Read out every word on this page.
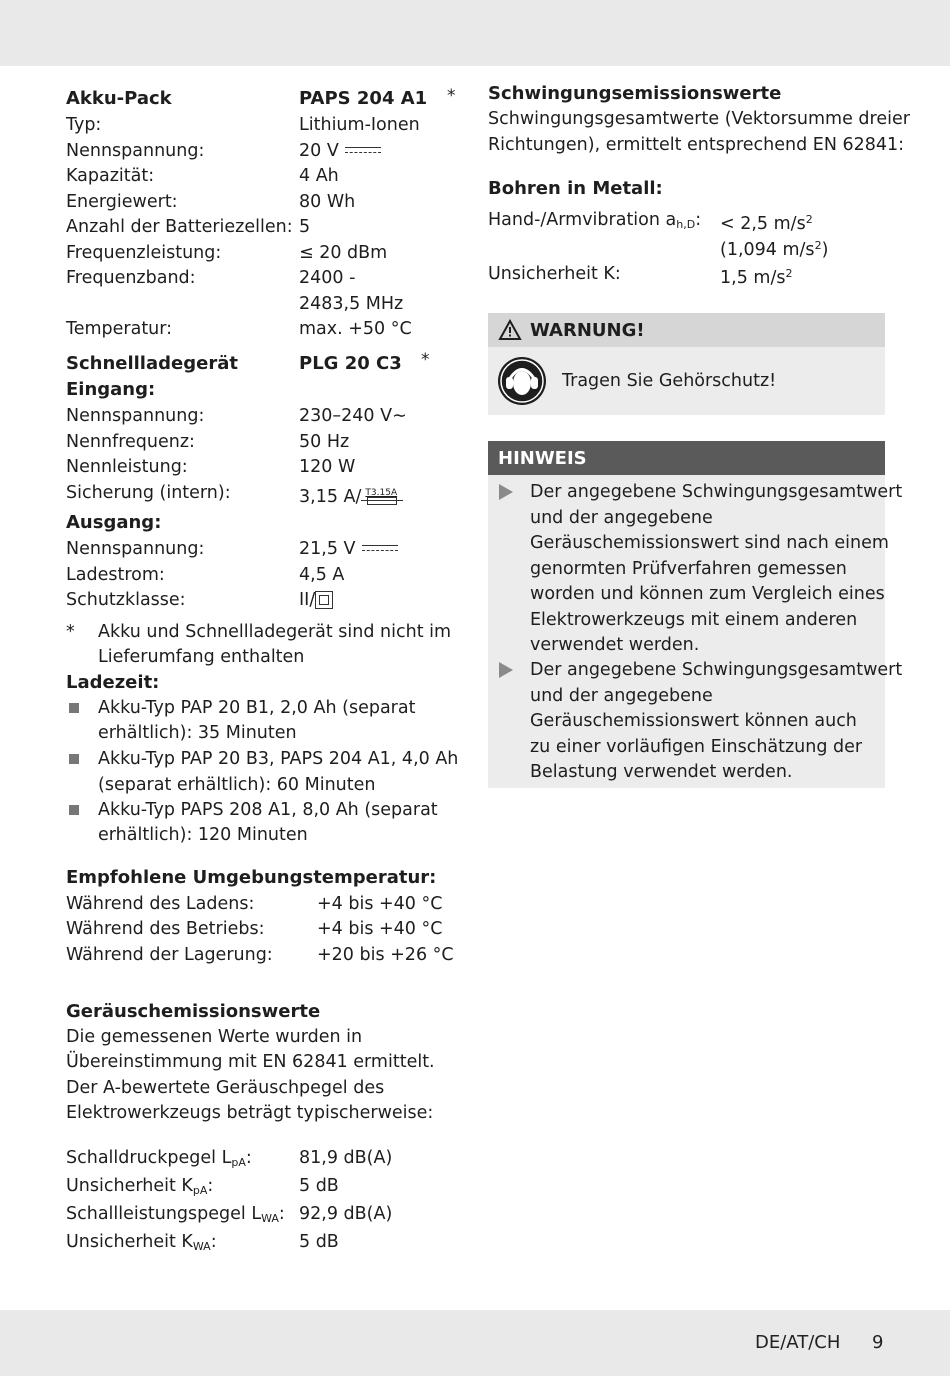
Akku-Pack	PAPS 204 A1 *
Typ:	Lithium-Ionen
Nennspannung:	20 V
Kapazität:	4 Ah
Energiewert:	80 Wh
Anzahl der Batteriezellen: 5
Frequenzleistung:	≤ 20 dBm
Frequenzband:	2400 -
2483,5 MHz
Temperatur:	max. +50 °C
Schnellladegerät	PLG 20 C3 *
Eingang:
Nennspannung:	230–240 V∼
Nennfrequenz:	50 Hz
Nennleistung:	120 W
Sicherung (intern):	3,15 A/ T3.15A
Ausgang:
Nennspannung:	21,5 V
Ladestrom:	4,5 A
Schutzklasse:	II/
* Akku und Schnellladegerät sind nicht im
Lieferumfang enthalten
Ladezeit:
Akku-Typ PAP 20 B1, 2,0 Ah (separat
erhältlich): 35 Minuten
Akku-Typ PAP 20 B3, PAPS 204 A1, 4,0 Ah
(separat erhältlich): 60 Minuten
Akku-Typ PAPS 208 A1, 8,0 Ah (separat
erhältlich): 120 Minuten
Empfohlene Umgebungstemperatur:
Während des Ladens:	+4 bis +40 °C
Während des Betriebs:	+4 bis +40 °C
Während der Lagerung:	+20 bis +26 °C
Geräuschemissionswerte
Die gemessenen Werte wurden in
Übereinstimmung mit EN 62841 ermittelt.
Der A-bewertete Geräuschpegel des
Elektrowerkzeugs beträgt typischerweise:
Schalldruckpegel $L_{pA}$:	81,9 dB(A)
Unsicherheit $K_{pA}$:	5 dB
Schallleistungspegel $L_{WA}$: 92,9 dB(A)
Unsicherheit $K_{WA}$:	5 dB
Schwingungsemissionswerte
Schwingungsgesamtwerte (Vektorsumme dreier
Richtungen), ermittelt entsprechend EN 62841:
Bohren in Metall:
Hand-/Armvibration $a_{h,D}$: < 2,5 $m/s^2$
(1,094 $m/s^2$)
Unsicherheit K:	1,5 $m/s^2$
WARNUNG!
Tragen Sie Gehörschutz!
HINWEIS
Der angegebene Schwingungsgesamtwert
und der angegebene
Geräuschemissionswert sind nach einem
genormten Prüfverfahren gemessen
worden und können zum Vergleich eines
Elektrowerkzeugs mit einem anderen
verwendet werden.
Der angegebene Schwingungsgesamtwert
und der angegebene
Geräuschemissionswert können auch
zu einer vorläufigen Einschätzung der
Belastung verwendet werden.
DE/AT/CH 9
